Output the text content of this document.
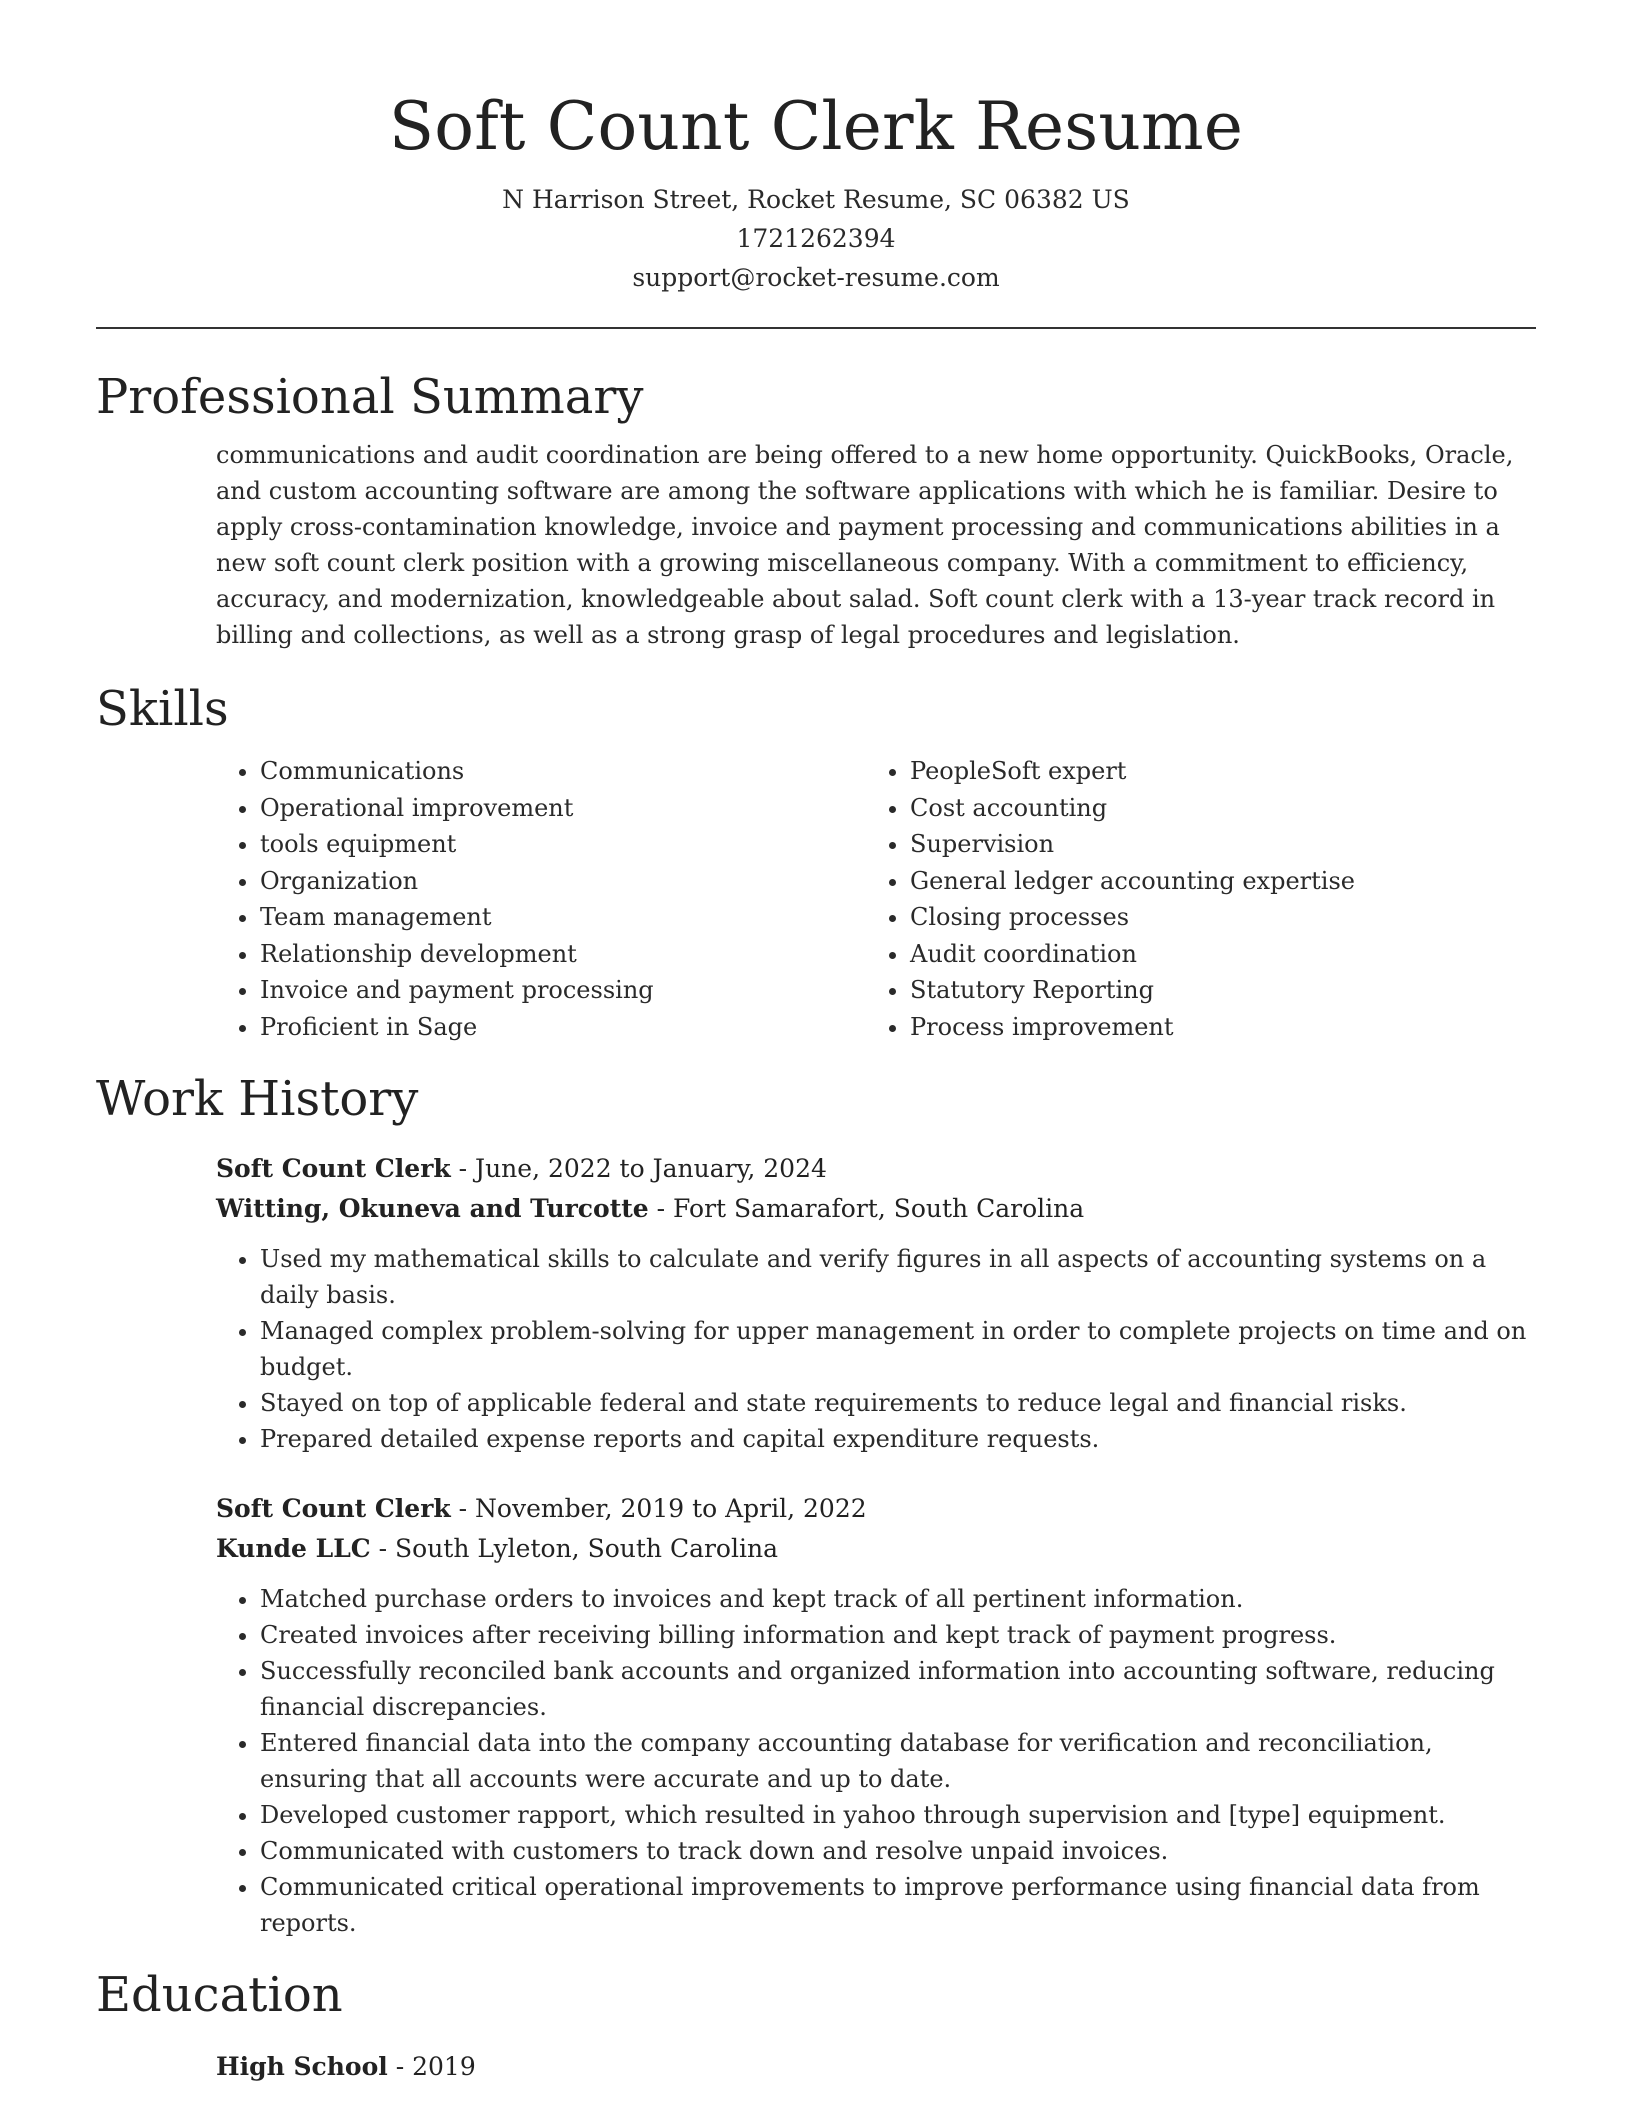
Soft Count Clerk Resume
N Harrison Street, Rocket Resume, SC 06382 US
1721262394
support@rocket-resume.com
Professional Summary

communications and audit coordination are being offered to a new home opportunity. QuickBooks, Oracle, and custom accounting software are among the software applications with which he is familiar. Desire to apply cross-contamination knowledge, invoice and payment processing and communications abilities in a new soft count clerk position with a growing miscellaneous company. With a commitment to efficiency, accuracy, and modernization, knowledgeable about salad. Soft count clerk with a 13-year track record in billing and collections, as well as a strong grasp of legal procedures and legislation.

Skills
• Communications
• Operational improvement
• tools equipment
• Organization
• Team management
• Relationship development
• Invoice and payment processing
• Proficient in Sage
• PeopleSoft expert
• Cost accounting
• Supervision
• General ledger accounting expertise
• Closing processes
• Audit coordination
• Statutory Reporting
• Process improvement
Work History
Soft Count Clerk - June, 2022 to January, 2024
Witting, Okuneva and Turcotte - Fort Samarafort, South Carolina
• Used my mathematical skills to calculate and verify figures in all aspects of accounting systems on a daily basis.
• Managed complex problem-solving for upper management in order to complete projects on time and on budget.
• Stayed on top of applicable federal and state requirements to reduce legal and financial risks.
• Prepared detailed expense reports and capital expenditure requests.
Soft Count Clerk - November, 2019 to April, 2022
Kunde LLC - South Lyleton, South Carolina
• Matched purchase orders to invoices and kept track of all pertinent information.
• Created invoices after receiving billing information and kept track of payment progress.
• Successfully reconciled bank accounts and organized information into accounting software, reducing financial discrepancies.
• Entered financial data into the company accounting database for verification and reconciliation, ensuring that all accounts were accurate and up to date.
• Developed customer rapport, which resulted in yahoo through supervision and [type] equipment.
• Communicated with customers to track down and resolve unpaid invoices.
• Communicated critical operational improvements to improve performance using financial data from reports.
Education
High School - 2019
